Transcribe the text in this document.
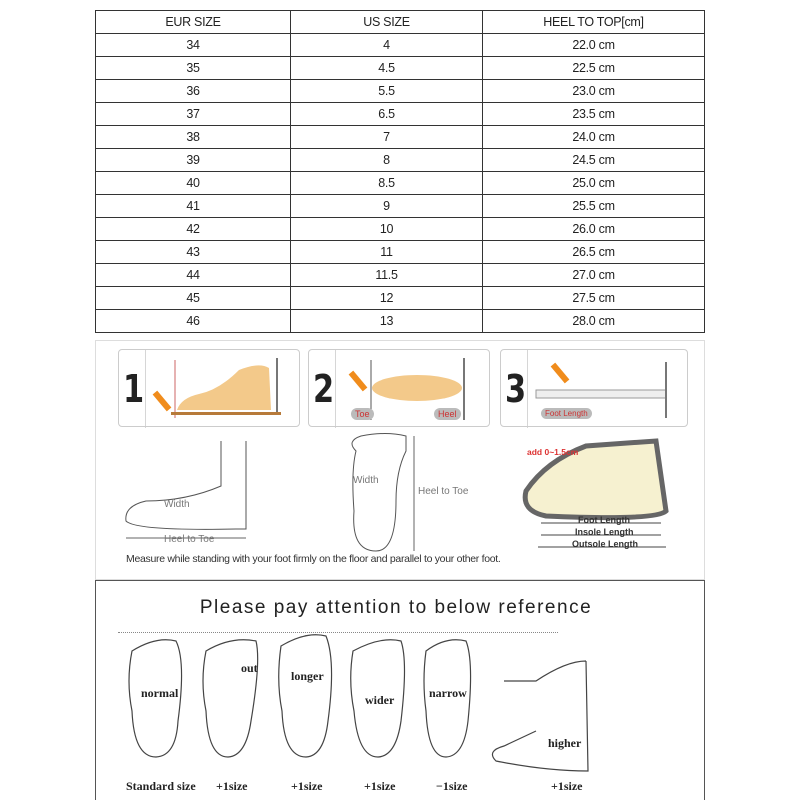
EUR SIZE	US SIZE	HEEL TO TOP[cm]
34	4	22.0 cm
35	4.5	22.5 cm
36	5.5	23.0 cm
37	6.5	23.5 cm
38	7	24.0 cm
39	8	24.5 cm
40	8.5	25.0 cm
41	9	25.5 cm
42	10	26.0 cm
43	11	26.5 cm
44	11.5	27.0 cm
45	12	27.5 cm
46	13	28.0 cm
1	2
Toe	Heel
3
Foot Length
Width
Heel to Toe
Width
Heel to Toe
add 0~1.5cm
Foot Length
Insole Length
Outsole Length
Measure while standing with your foot firmly on the floor and parallel to your other foot.
Please pay attention to below reference
normal
out
longer
wider	narrow
higher
Standard size +1size	+1size	+1size	−1size	+1size
